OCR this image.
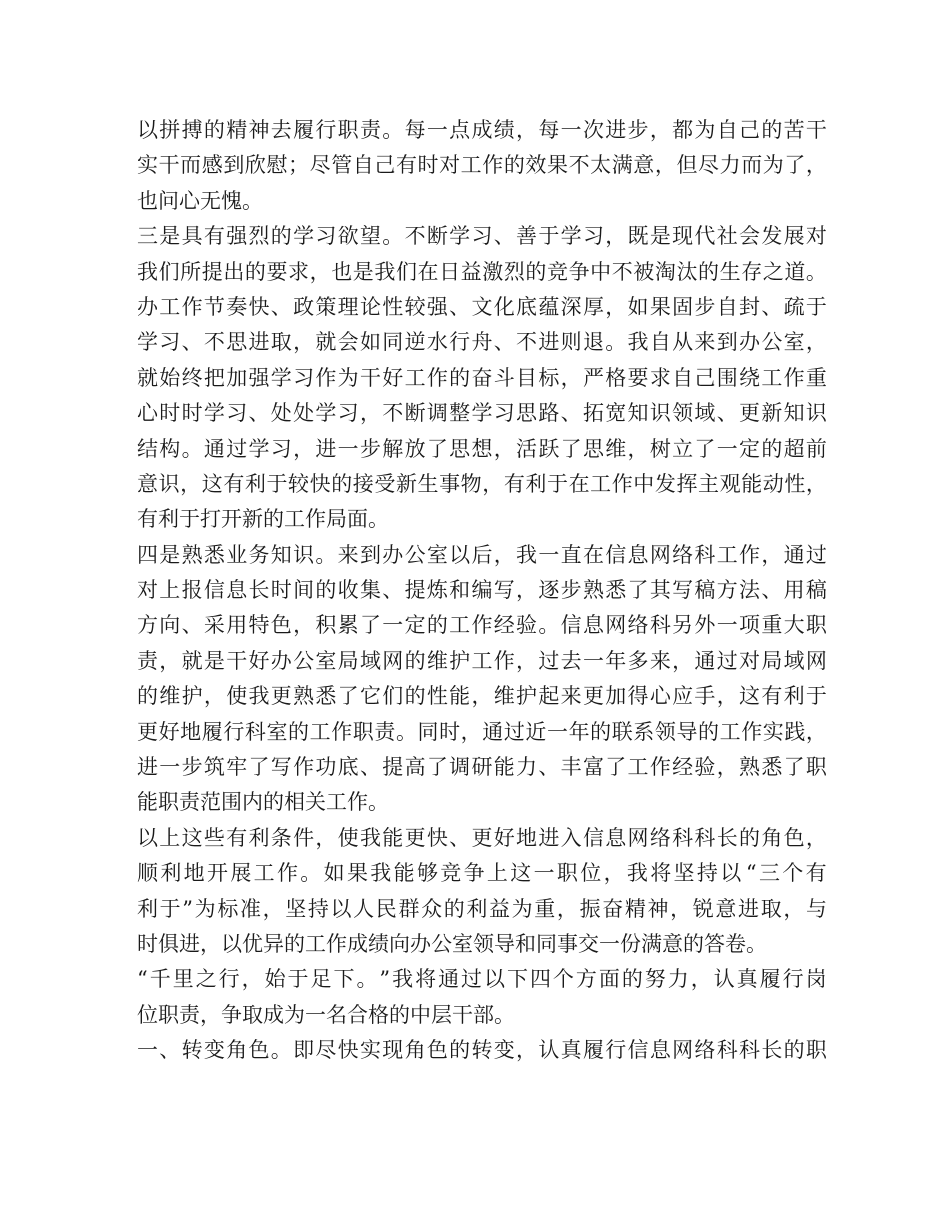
以 拼 搏 的 精 神 去 履 行 职 责 。 每 一 点 成 绩 ， 每 一 次 进 步 ， 都 为 自 己 的 苦 干
实 干 而 感 到 欣 慰 ； 尽 管 自 己 有 时 对 工 作 的 效 果 不 太 满 意 ， 但 尽 力 而 为 了 ，
也问心无愧。
三 是 具 有 强 烈 的 学 习 欲 望 。 不 断 学 习 、 善 于 学 习 ， 既 是 现 代 社 会 发 展 对
我 们 所 提 出 的 要 求 ， 也 是 我 们 在 日 益 激 烈 的 竞 争 中 不 被 淘 汰 的 生 存 之 道 。
办 工 作 节 奏 快 、 政 策 理 论 性 较 强 、 文 化 底 蕴 深 厚 ， 如 果 固 步 自 封 、 疏 于
学 习 、 不 思 进 取 ， 就 会 如 同 逆 水 行 舟 、 不 进 则 退 。 我 自 从 来 到 办 公 室 ，
就 始 终 把 加 强 学 习 作 为 干 好 工 作 的 奋 斗 目 标 ， 严 格 要 求 自 己 围 绕 工 作 重
心 时 时 学 习 、 处 处 学 习 ， 不 断 调 整 学 习 思 路 、 拓 宽 知 识 领 域 、 更 新 知 识
结 构 。 通 过 学 习 ， 进 一 步 解 放 了 思 想 ， 活 跃 了 思 维 ， 树 立 了 一 定 的 超 前
意 识 ， 这 有 利 于 较 快 的 接 受 新 生 事 物 ， 有 利 于 在 工 作 中 发 挥 主 观 能 动 性 ，
有利于打开新的工作局面。
四 是 熟 悉 业 务 知 识 。 来 到 办 公 室 以 后 ， 我 一 直 在 信 息 网 络 科 工 作 ， 通 过
对 上 报 信 息 长 时 间 的 收 集 、 提 炼 和 编 写 ， 逐 步 熟 悉 了 其 写 稿 方 法 、 用 稿
方 向 、 采 用 特 色 ， 积 累 了 一 定 的 工 作 经 验 。 信 息 网 络 科 另 外 一 项 重 大 职
责 ， 就 是 干 好 办 公 室 局 域 网 的 维 护 工 作 ， 过 去 一 年 多 来 ， 通 过 对 局 域 网
的 维 护 ， 使 我 更 熟 悉 了 它 们 的 性 能 ， 维 护 起 来 更 加 得 心 应 手 ， 这 有 利 于
更 好 地 履 行 科 室 的 工 作 职 责 。 同 时 ， 通 过 近 一 年 的 联 系 领 导 的 工 作 实 践 ，
进 一 步 筑 牢 了 写 作 功 底 、 提 高 了 调 研 能 力 、 丰 富 了 工 作 经 验 ， 熟 悉 了 职
能职责范围内的相关工作。
以 上 这 些 有 利 条 件 ， 使 我 能 更 快 、 更 好 地 进 入 信 息 网 络 科 科 长 的 角 色 ，
顺 利 地 开 展 工 作 。 如 果 我 能 够 竞 争 上 这 一 职 位 ， 我 将 坚 持 以 “ 三 个 有
利 于 ” 为 标 准 ， 坚 持 以 人 民 群 众 的 利 益 为 重 ， 振 奋 精 神 ， 锐 意 进 取 ， 与
时俱进，以优异的工作成绩向办公室领导和同事交一份满意的答卷。
“ 千 里 之 行 ， 始 于 足 下 。 ” 我 将 通 过 以 下 四 个 方 面 的 努 力 ， 认 真 履 行 岗
位职责，争取成为一名合格的中层干部。
一 、 转 变 角 色 。 即 尽 快 实 现 角 色 的 转 变 ， 认 真 履 行 信 息 网 络 科 科 长 的 职
